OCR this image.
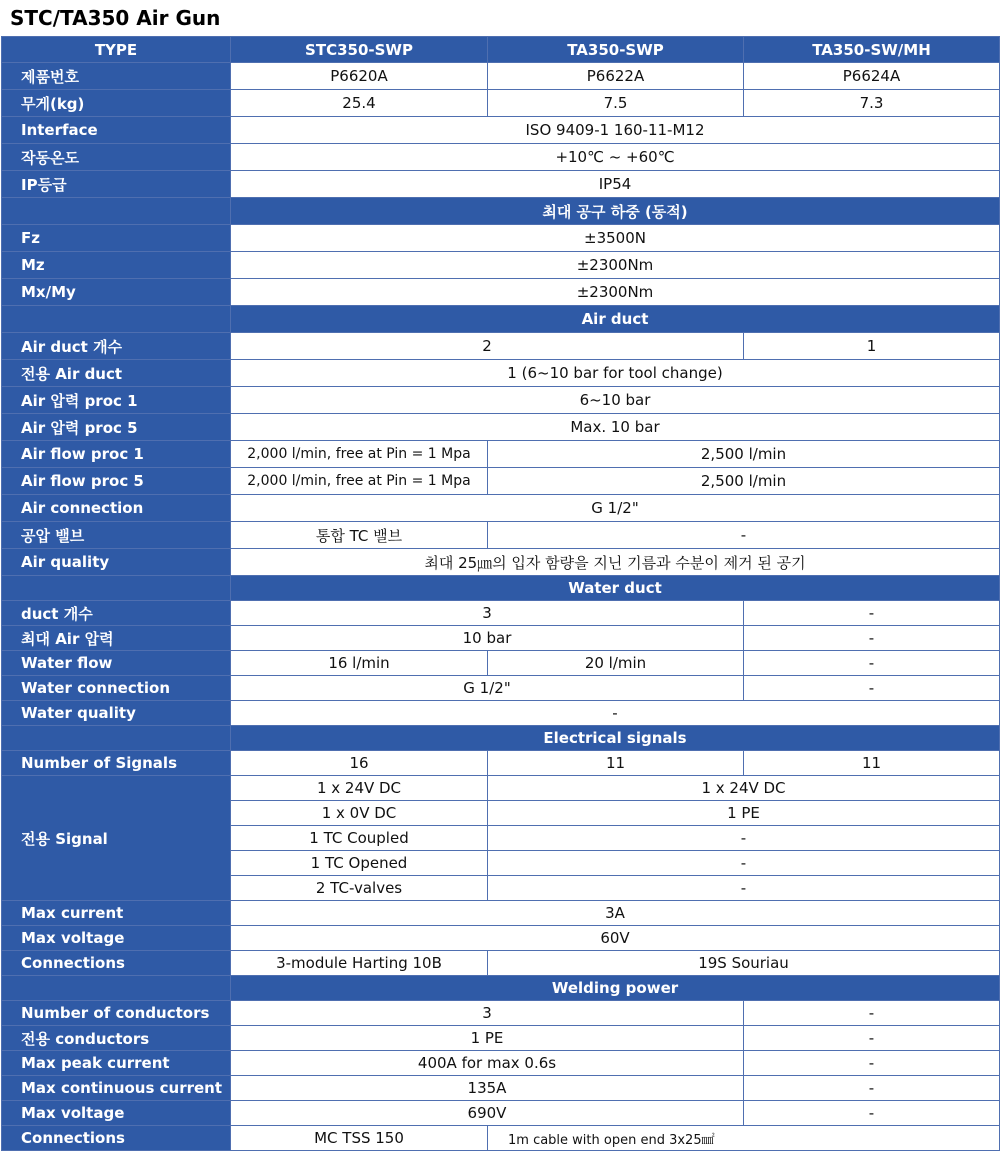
STC/TA350 Air Gun
TYPE	STC350-SWP	TA350-SWP	TA350-SW/MH
제품번호	P6620A	P6622A	P6624A
무게(kg)	25.4	7.5	7.3
Interface	ISO 9409-1 160-11-M12		
작동온도	+10℃ ~ +60℃		
IP등급	IP54		
	최대 공구 하중 (동적)		
Fz	±3500N		
Mz	±2300Nm		
Mx/My	±2300Nm		
	Air duct		
Air duct 개수	2		1
전용 Air duct	1 (6~10 bar for tool change)		
Air 압력 proc 1	6~10 bar		
Air 압력 proc 5	Max. 10 bar		
Air flow proc 1	2,000 l/min, free at Pin = 1 Mpa	2,500 l/min	
Air flow proc 5	2,000 l/min, free at Pin = 1 Mpa	2,500 l/min	
Air connection	G 1/2"		
공압 밸브	통합 TC 밸브	-	
Air quality	최대 25㎛의 입자 함량을 지닌 기름과 수분이 제거 된 공기		
	Water duct		
duct 개수	3		-
최대 Air 압력	10 bar		-
Water flow	16 l/min	20 l/min	-
Water connection	G 1/2"		-
Water quality	-		
	Electrical signals		
Number of Signals	16	11	11
전용 Signal	1 x 24V DC	1 x 24V DC	
	1 x 0V DC	1 PE	
	1 TC Coupled	-	
	1 TC Opened	-	
	2 TC-valves	-	
Max current	3A		
Max voltage	60V		
Connections	3-module Harting 10B	19S Souriau	
	Welding power		
Number of conductors	3		-
전용 conductors	1 PE		-
Max peak current	400A for max 0.6s		-
Max continuous current	135A		-
Max voltage	690V		-
Connections	MC TSS 150	1m cable with open end 3x25㎟	
